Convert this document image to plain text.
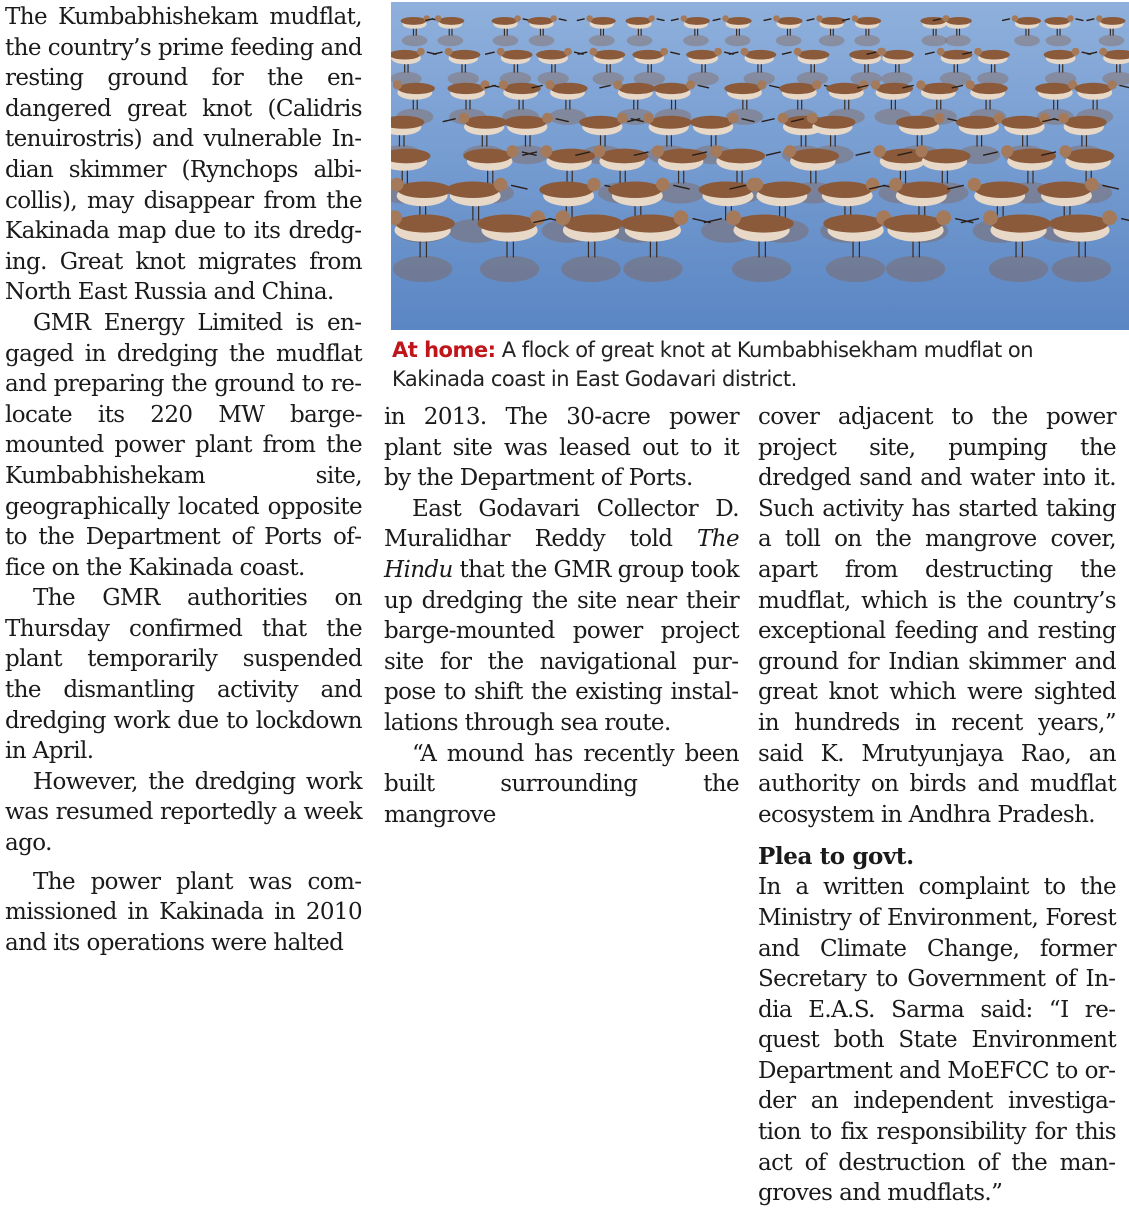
The Kumbabhishekam mudflat, the country’s prime feeding and resting ground for the endangered great knot (Calidris tenuirostris) and vulnerable Indian skimmer (Rynchops albicollis), may disappear from the Kakinada map due to its dredging. Great knot migrates from North East Russia and China.

GMR Energy Limited is engaged in dredging the mudflat and preparing the ground to relocate its 220 MW barge-mounted power plant from the Kumbabhishekam site, geographically located opposite to the Department of Ports office on the Kakinada coast.

The GMR authorities on Thursday confirmed that the plant temporarily suspended the dismantling activity and dredging work due to lockdown in April.

However, the dredging work was resumed reportedly a week ago.

The power plant was commissioned in Kakinada in 2010 and its operations were halted

At home: A flock of great knot at Kumbabhisekham mudflat on Kakinada coast in East Godavari district.

in 2013. The 30-acre power plant site was leased out to it by the Department of Ports.

East Godavari Collector D. Muralidhar Reddy told The Hindu that the GMR group took up dredging the site near their barge-mounted power project site for the navigational purpose to shift the existing installations through sea route.

“A mound has recently been built surrounding the mangrove

cover adjacent to the power project site, pumping the dredged sand and water into it. Such activity has started taking a toll on the mangrove cover, apart from destructing the mudflat, which is the country’s exceptional feeding and resting ground for Indian skimmer and great knot which were sighted in hundreds in recent years,” said K. Mrutyunjaya Rao, an authority on birds and mudflat ecosystem in Andhra Pradesh.

Plea to govt.

In a written complaint to the Ministry of Environment, Forest and Climate Change, former Secretary to Government of India E.A.S. Sarma said: “I request both State Environment Department and MoEFCC to order an independent investigation to fix responsibility for this act of destruction of the mangroves and mudflats.”
